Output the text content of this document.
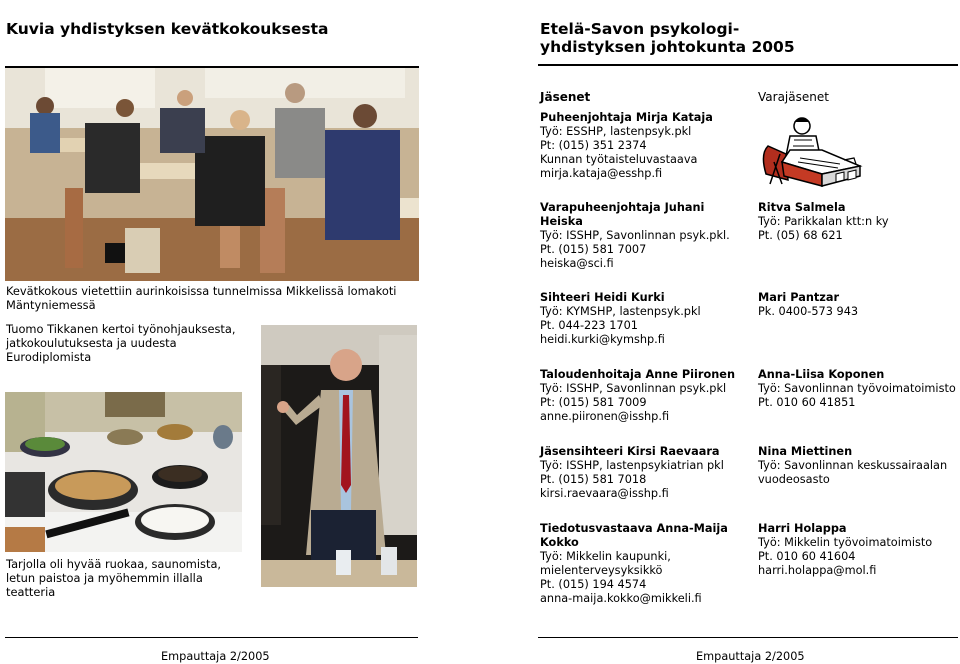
Kuvia yhdistyksen kevätkokouksesta
Kevätkokous vietettiin aurinkoisissa tunnelmissa Mikkelissä lomakoti Mäntyniemessä
Tuomo Tikkanen kertoi työnohjauksesta, jatkokoulutuksesta ja uudesta Eurodiplomista
Tarjolla oli hyvää ruokaa, saunomista, letun paistoa ja myöhemmin illalla teatteria
Empauttaja 2/2005
Etelä-Savon psykologi-
yhdistyksen johtokunta 2005
Jäsenet	Varajäsenet
Puheenjohtaja Mirja Kataja
Työ: ESSHP, lastenpsyk.pkl
Pt: (015) 351 2374
Kunnan työtaisteluvastaava
mirja.kataja@esshp.fi
Varapuheenjohtaja Juhani Heiska
Työ: ISSHP, Savonlinnan psyk.pkl.
Pt. (015) 581 7007
heiska@sci.fi
Sihteeri Heidi Kurki
Työ: KYMSHP, lastenpsyk.pkl
Pt. 044-223 1701
heidi.kurki@kymshp.fi
Taloudenhoitaja Anne Piironen
Työ: ISSHP, Savonlinnan psyk.pkl
Pt: (015) 581 7009
anne.piironen@isshp.fi
Jäsensihteeri Kirsi Raevaara
Työ: ISSHP, lastenpsykiatrian pkl
Pt. (015) 581 7018
kirsi.raevaara@isshp.fi
Tiedotusvastaava Anna-Maija Kokko
Työ: Mikkelin kaupunki, mielenterveysyksikkö
Pt. (015) 194 4574
anna-maija.kokko@mikkeli.fi
Ritva Salmela
Työ: Parikkalan ktt:n ky
Pt. (05) 68 621
Mari Pantzar
Pk. 0400-573 943
Anna-Liisa Koponen
Työ: Savonlinnan työvoimatoimisto
Pt. 010 60 41851
Nina Miettinen
Työ: Savonlinnan keskussairaalan vuodeosasto
Harri Holappa
Työ: Mikkelin työvoimatoimisto
Pt. 010 60 41604
harri.holappa@mol.fi
Empauttaja 2/2005
